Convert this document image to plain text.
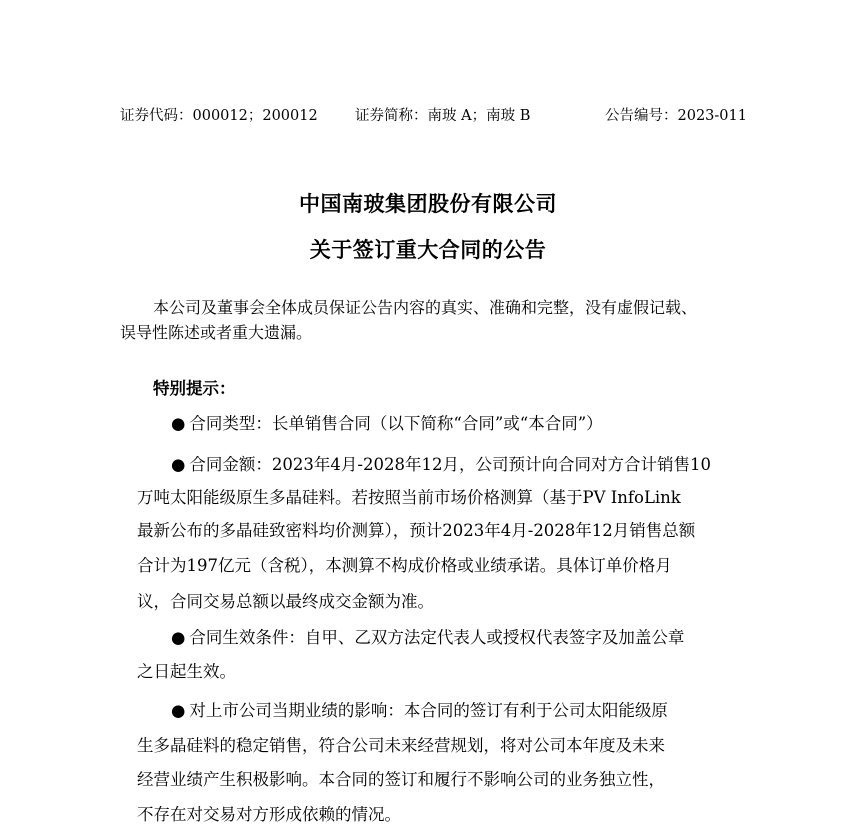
证券代码：000012；200012	证券简称：南玻 A；南玻 B	公告编号：2023-011
中国南玻集团股份有限公司
关于签订重大合同的公告
本公司及董事会全体成员保证公告内容的真实、准确和完整，没有虚假记载、
误导性陈述或者重大遗漏。
特别提示：
● 合同类型：长单销售合同（以下简称“合同”或“本合同”）
● 合同金额：2023年4月-2028年12月，公司预计向合同对方合计销售10
万吨太阳能级原生多晶硅料。若按照当前市场价格测算（基于PV InfoLink
最新公布的多晶硅致密料均价测算），预计2023年4月-2028年12月销售总额
合计为197亿元（含税），本测算不构成价格或业绩承诺。具体订单价格月
议，合同交易总额以最终成交金额为准。
● 合同生效条件：自甲、乙双方法定代表人或授权代表签字及加盖公章
之日起生效。
● 对上市公司当期业绩的影响：本合同的签订有利于公司太阳能级原
生多晶硅料的稳定销售，符合公司未来经营规划，将对公司本年度及未来
经营业绩产生积极影响。本合同的签订和履行不影响公司的业务独立性，
不存在对交易对方形成依赖的情况。
